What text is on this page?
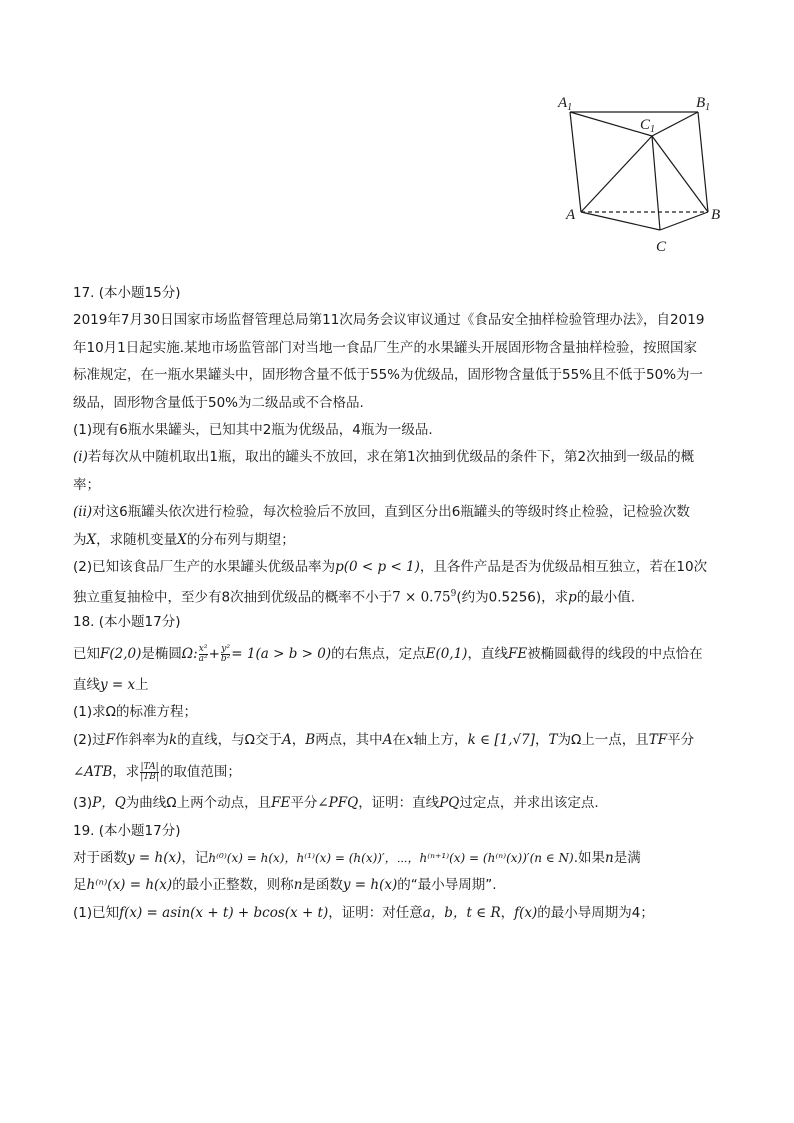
$A_1$	$B_1$
$C_1$
A	B
C
17. (本小题15分)
2019年7月30日国家市场监督管理总局第11次局务会议审议通过《食品安全抽样检验管理办法》，自2019
年10月1日起实施.某地市场监管部门对当地一食品厂生产的水果罐头开展固形物含量抽样检验，按照国家
标准规定，在一瓶水果罐头中，固形物含量不低于55%为优级品，固形物含量低于55%且不低于50%为一
级品，固形物含量低于50%为二级品或不合格品.
(1)现有6瓶水果罐头，已知其中2瓶为优级品，4瓶为一级品.
(i)若每次从中随机取出1瓶，取出的罐头不放回，求在第1次抽到优级品的条件下，第2次抽到一级品的概
率；
(ii)对这6瓶罐头依次进行检验，每次检验后不放回，直到区分出6瓶罐头的等级时终止检验，记检验次数
为X，求随机变量X的分布列与期望；
(2)已知该食品厂生产的水果罐头优级品率为p(0 < p < 1)，且各件产品是否为优级品相互独立，若在10次
独立重复抽检中，至少有8次抽到优级品的概率不小于$7 \times 0.75^9$(约为0.5256)，求p的最小值.
18. (本小题17分)
已知F(2,0)是椭圆Ω: $\frac{\text{x²}}{\text{a²}} + \frac{\text{y²}}{\text{b²}} = 1(a > b > 0)$的右焦点，定点E(0,1)，直线FE被椭圆截得的线段的中点恰在
直线y = x上
(1)求Ω的标准方程；
(2)过F作斜率为k的直线，与Ω交于A，B两点，其中A在x轴上方，k ∈ [1,√7]，T为Ω上一点，且TF平分
∠ATB，求 $\frac{|TA|}{|TB|}$ 的取值范围；
(3)P，Q为曲线Ω上两个动点，且FE平分∠PFQ，证明：直线PQ过定点，并求出该定点.
19. (本小题17分)
对于函数y = h(x)，记h⁽⁰⁾(x) = h(x)，h⁽¹⁾(x) = (h(x))′，⋯，h⁽ⁿ⁺¹⁾(x) = (h⁽ⁿ⁾(x))′(n ∈ N).如果n是满
足h⁽ⁿ⁾(x) = h(x)的最小正整数，则称n是函数y = h(x)的“最小导周期”.
(1)已知f(x) = asin(x + t) + bcos(x + t)，证明：对任意a，b，t ∈ R，f(x)的最小导周期为4；
